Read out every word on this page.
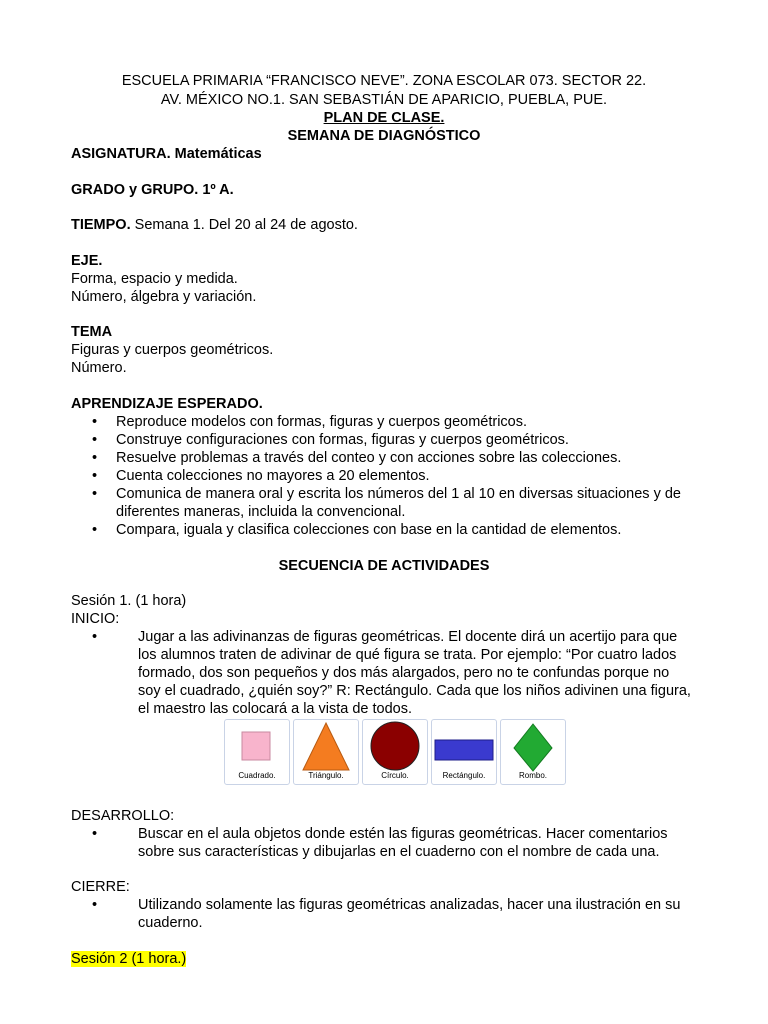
ESCUELA PRIMARIA “FRANCISCO NEVE”. ZONA ESCOLAR 073. SECTOR 22.
AV. MÉXICO NO.1. SAN SEBASTIÁN DE APARICIO, PUEBLA, PUE.
PLAN DE CLASE.
SEMANA DE DIAGNÓSTICO
ASIGNATURA. Matemáticas
GRADO y GRUPO. 1º A.
TIEMPO. Semana 1. Del 20 al 24 de agosto.
EJE.
Forma, espacio y medida.
Número, álgebra y variación.
TEMA
Figuras y cuerpos geométricos.
Número.
APRENDIZAJE ESPERADO.
• Reproduce modelos con formas, figuras y cuerpos geométricos.
• Construye configuraciones con formas, figuras y cuerpos geométricos.
• Resuelve problemas a través del conteo y con acciones sobre las colecciones.
• Cuenta colecciones no mayores a 20 elementos.
• Comunica de manera oral y escrita los números del 1 al 10 en diversas situaciones y de
diferentes maneras, incluida la convencional.
• Compara, iguala y clasifica colecciones con base en la cantidad de elementos.
SECUENCIA DE ACTIVIDADES
Sesión 1. (1 hora)
INICIO:
•	Jugar a las adivinanzas de figuras geométricas. El docente dirá un acertijo para que
los alumnos traten de adivinar de qué figura se trata. Por ejemplo: “Por cuatro lados
formado, dos son pequeños y dos más alargados, pero no te confundas porque no
soy el cuadrado, ¿quién soy?” R: Rectángulo. Cada que los niños adivinen una figura,
el maestro las colocará a la vista de todos.
Cuadrado.	Triángulo.	Círculo.	Rectángulo.	Rombo.
DESARROLLO:
•	Buscar en el aula objetos donde estén las figuras geométricas. Hacer comentarios
sobre sus características y dibujarlas en el cuaderno con el nombre de cada una.
CIERRE:
•	Utilizando solamente las figuras geométricas analizadas, hacer una ilustración en su
cuaderno.
Sesión 2 (1 hora.)
